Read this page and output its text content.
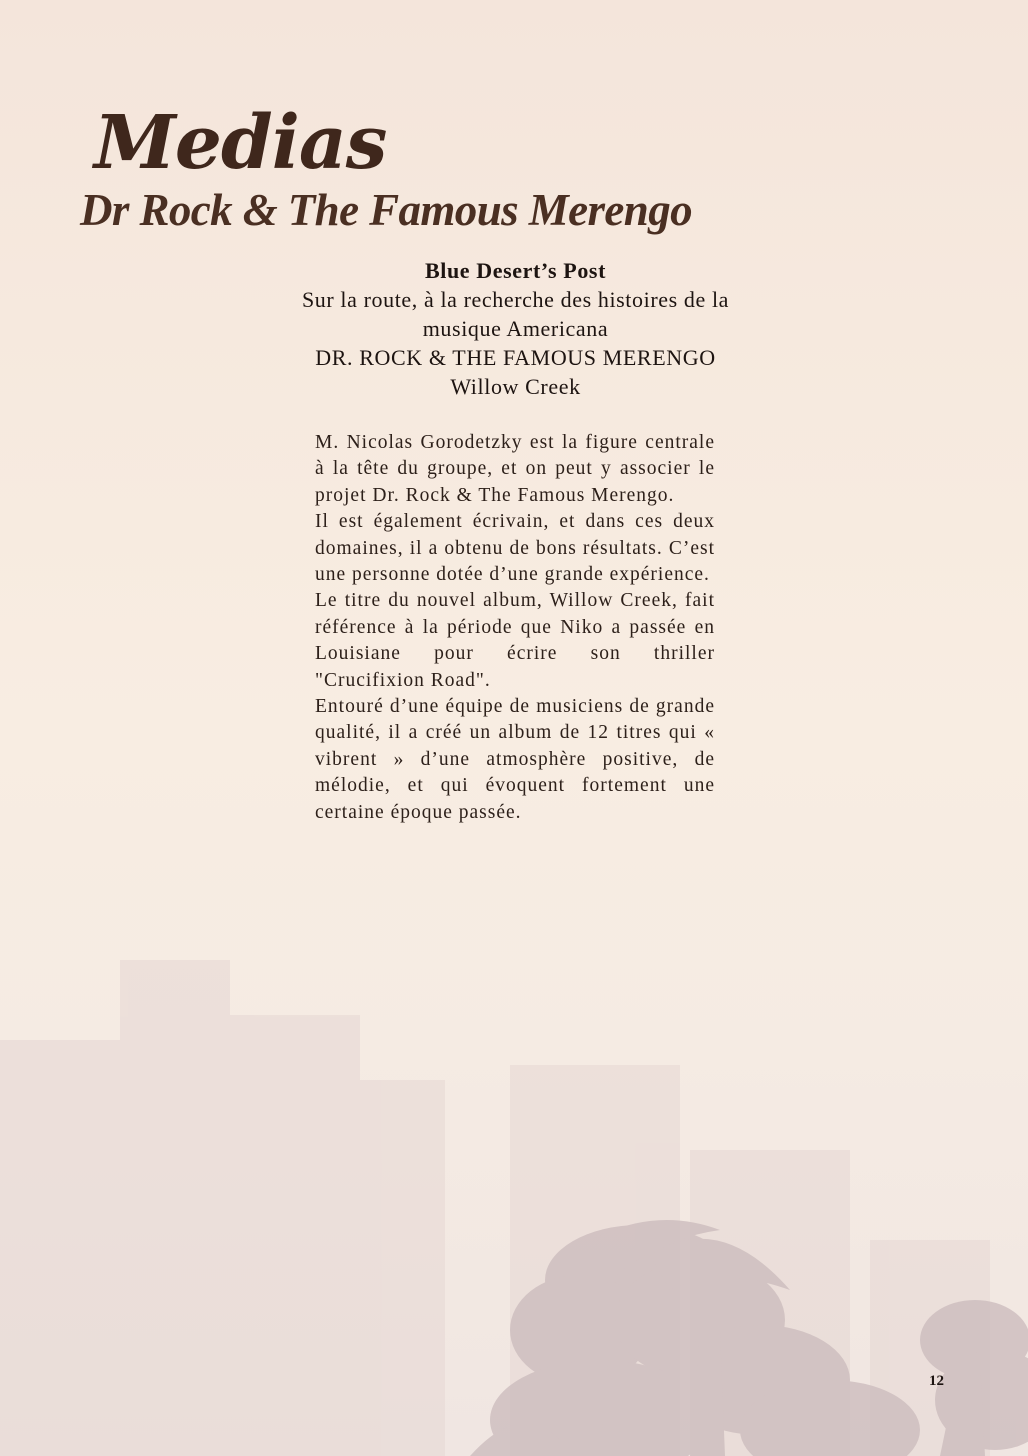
Medias
Dr Rock & The Famous Merengo
Blue Desert’s Post
Sur la route, à la recherche des histoires de la
musique Americana
DR. ROCK & THE FAMOUS MERENGO
Willow Creek

M. Nicolas Gorodetzky est la figure centrale à la tête du groupe, et on peut y associer le projet Dr. Rock & The Famous Merengo.

Il est également écrivain, et dans ces deux domaines, il a obtenu de bons résultats. C’est une personne dotée d’une grande expérience.

Le titre du nouvel album, Willow Creek, fait référence à la période que Niko a passée en Louisiane pour écrire son thriller "Crucifixion Road".

Entouré d’une équipe de musiciens de grande qualité, il a créé un album de 12 titres qui « vibrent » d’une atmosphère positive, de mélodie, et qui évoquent fortement une certaine époque passée.

12
